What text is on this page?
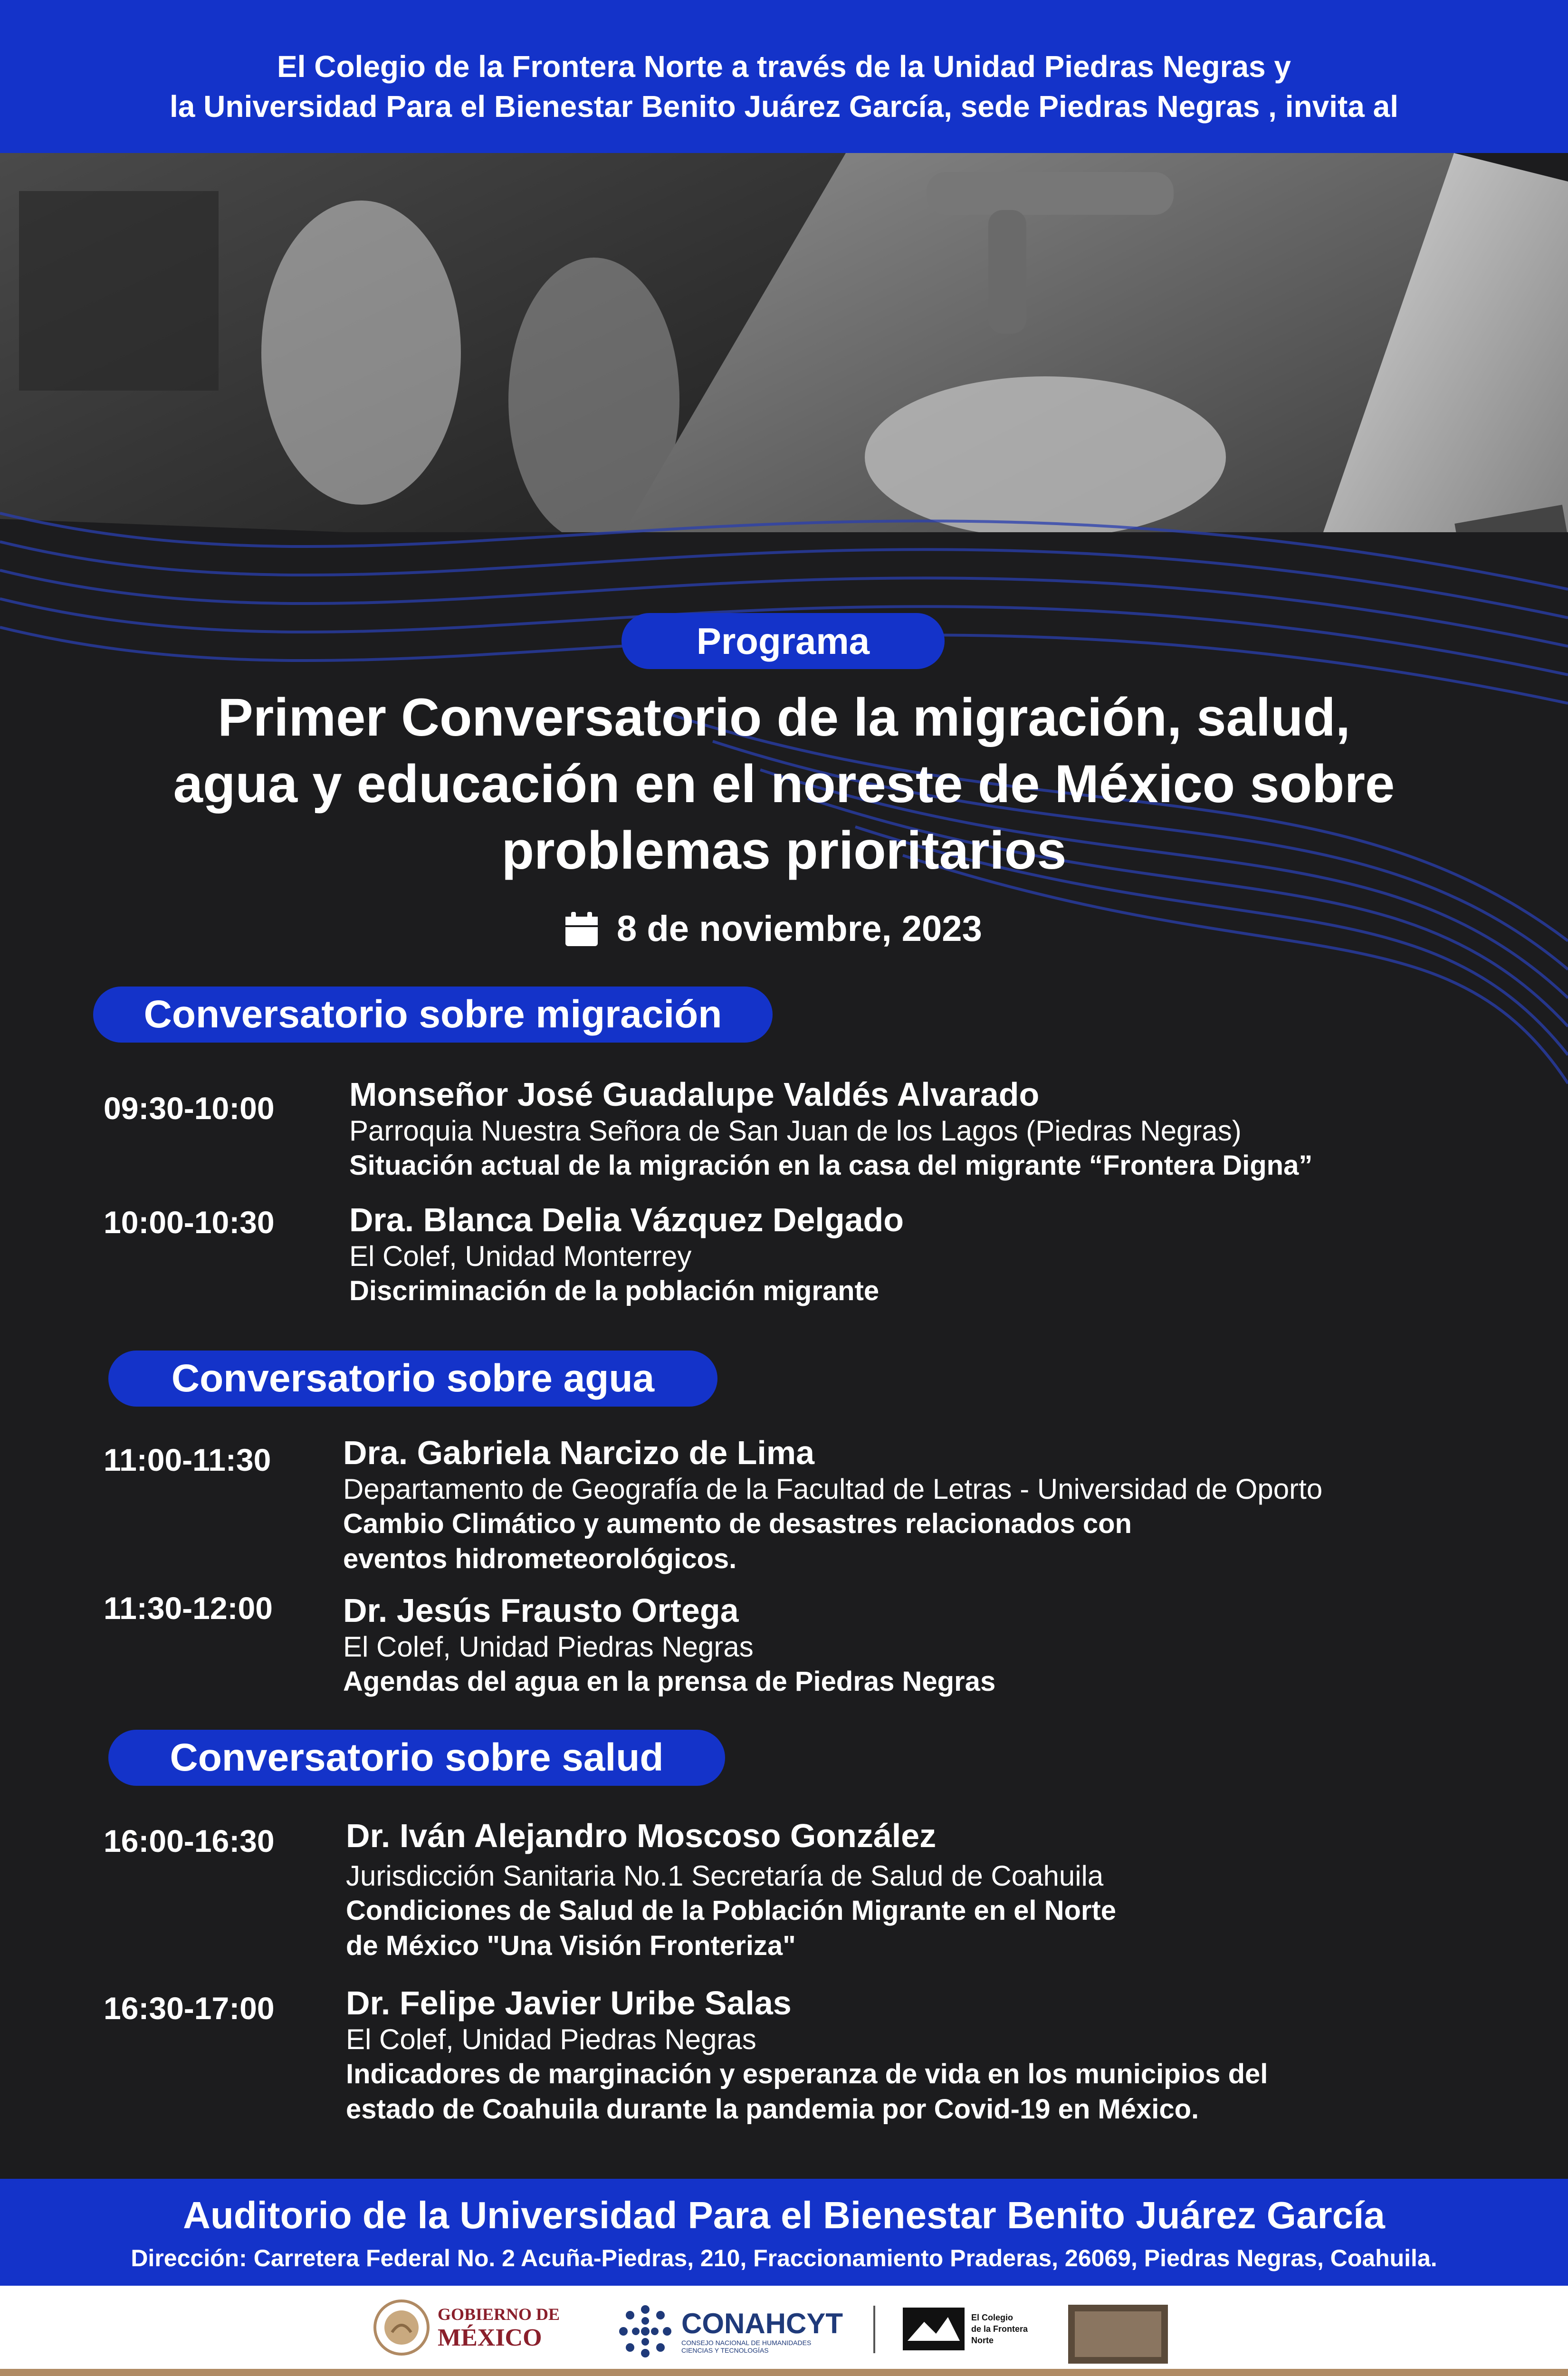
El Colegio de la Frontera Norte a través de la Unidad Piedras Negras y
la Universidad Para el Bienestar Benito Juárez García, sede Piedras Negras , invita al
Programa
Primer Conversatorio de la migración, salud,
agua y educación en el noreste de México sobre
problemas prioritarios
8 de noviembre, 2023
Conversatorio sobre migración
09:30-10:00 Monseñor José Guadalupe Valdés Alvarado
Parroquia Nuestra Señora de San Juan de los Lagos (Piedras Negras)
Situación actual de la migración en la casa del migrante “Frontera Digna”
10:00-10:30 Dra. Blanca Delia Vázquez Delgado
El Colef, Unidad Monterrey
Discriminación de la población migrante
Conversatorio sobre agua
11:00-11:30 Dra. Gabriela Narcizo de Lima
Departamento de Geografía de la Facultad de Letras - Universidad de Oporto
Cambio Climático y aumento de desastres relacionados con
eventos hidrometeorológicos.
11:30-12:00 Dr. Jesús Frausto Ortega
El Colef, Unidad Piedras Negras
Agendas del agua en la prensa de Piedras Negras
Conversatorio sobre salud
16:00-16:30 Dr. Iván Alejandro Moscoso González
Jurisdicción Sanitaria No.1 Secretaría de Salud de Coahuila
Condiciones de Salud de la Población Migrante en el Norte
de México "Una Visión Fronteriza"
16:30-17:00 Dr. Felipe Javier Uribe Salas
El Colef, Unidad Piedras Negras
Indicadores de marginación y esperanza de vida en los municipios del
estado de Coahuila durante la pandemia por Covid-19 en México.
Auditorio de la Universidad Para el Bienestar Benito Juárez García
Dirección: Carretera Federal No. 2 Acuña-Piedras, 210, Fraccionamiento Praderas, 26069, Piedras Negras, Coahuila.
GOBIERNO DE
MÉXICO	CONAHCYT
CONSEJO NACIONAL DE HUMANIDADES
CIENCIAS Y TECNOLOGÍAS
El Colegio
de la Frontera
Norte
